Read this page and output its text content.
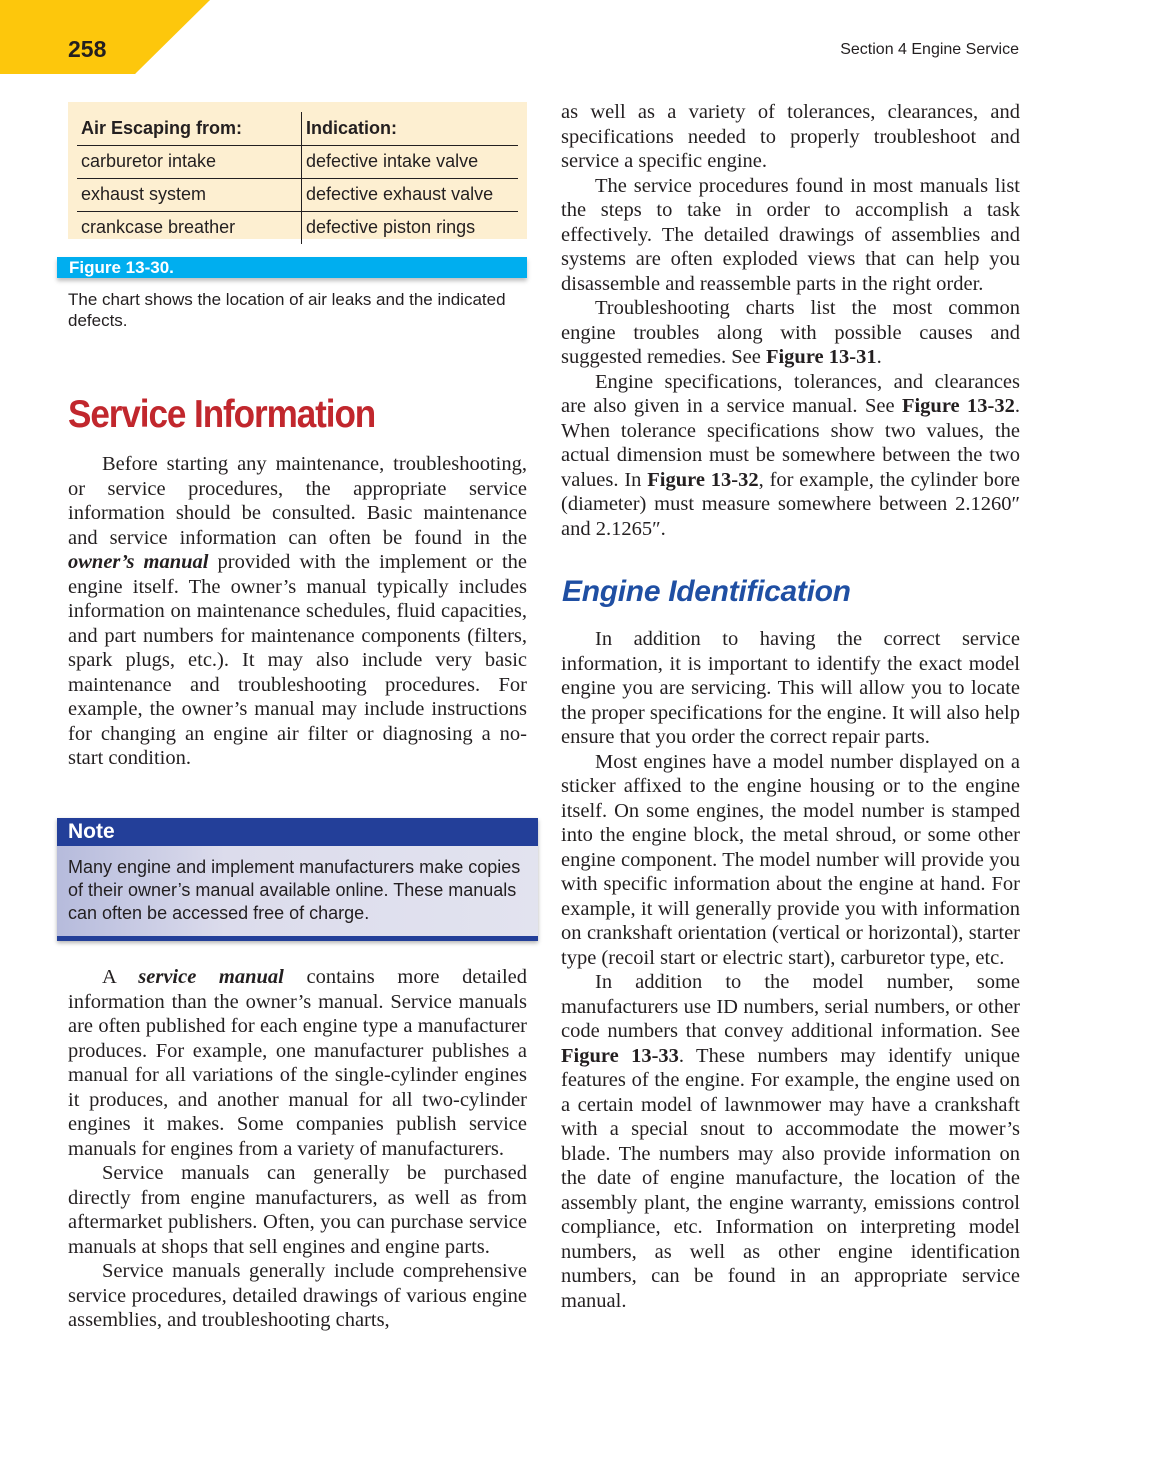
258	Section 4 Engine Service
Air Escaping from:	Indication:
carburetor intake	defective intake valve
exhaust system	defective exhaust valve
crankcase breather	defective piston rings
Figure 13-30.
The chart shows the location of air leaks and the indicated defects.
Service Information

Before starting any maintenance, troubleshooting, or service procedures, the appropriate service information should be consulted. Basic maintenance and service information can often be found in the owner’s manual provided with the implement or the engine itself. The owner’s manual typically includes information on maintenance schedules, fluid capacities, and part numbers for maintenance components (filters, spark plugs, etc.). It may also include very basic maintenance and troubleshooting procedures. For example, the owner’s manual may include instructions for changing an engine air filter or diagnosing a no-start condition.

Note
Many engine and implement manufacturers make copies of their owner’s manual available online. These manuals can often be accessed free of charge.

A service manual contains more detailed information than the owner’s manual. Service manuals are often published for each engine type a manufacturer produces. For example, one manufacturer publishes a manual for all variations of the single-cylinder engines it produces, and another manual for all two-cylinder engines it makes. Some companies publish service manuals for engines from a variety of manufacturers.

Service manuals can generally be purchased directly from engine manufacturers, as well as from aftermarket publishers. Often, you can purchase service manuals at shops that sell engines and engine parts.

Service manuals generally include comprehensive service procedures, detailed drawings of various engine assemblies, and troubleshooting charts,

as well as a variety of tolerances, clearances, and specifications needed to properly troubleshoot and service a specific engine.

The service procedures found in most manuals list the steps to take in order to accomplish a task effectively. The detailed drawings of assemblies and systems are often exploded views that can help you disassemble and reassemble parts in the right order.

Troubleshooting charts list the most common engine troubles along with possible causes and suggested remedies. See Figure 13-31.

Engine specifications, tolerances, and clearances are also given in a service manual. See Figure 13-32. When tolerance specifications show two values, the actual dimension must be somewhere between the two values. In Figure 13-32, for example, the cylinder bore (diameter) must measure somewhere between 2.1260″ and 2.1265″.

Engine Identification

In addition to having the correct service information, it is important to identify the exact model engine you are servicing. This will allow you to locate the proper specifications for the engine. It will also help ensure that you order the correct repair parts.

Most engines have a model number displayed on a sticker affixed to the engine housing or to the engine itself. On some engines, the model number is stamped into the engine block, the metal shroud, or some other engine component. The model number will provide you with specific information about the engine at hand. For example, it will generally provide you with information on crankshaft orientation (vertical or horizontal), starter type (recoil start or electric start), carburetor type, etc.

In addition to the model number, some manufacturers use ID numbers, serial numbers, or other code numbers that convey additional information. See Figure 13-33. These numbers may identify unique features of the engine. For example, the engine used on a certain model of lawnmower may have a crankshaft with a special snout to accommodate the mower’s blade. The numbers may also provide information on the date of engine manufacture, the location of the assembly plant, the engine warranty, emissions control compliance, etc. Information on interpreting model numbers, as well as other engine identification numbers, can be found in an appropriate service manual.
